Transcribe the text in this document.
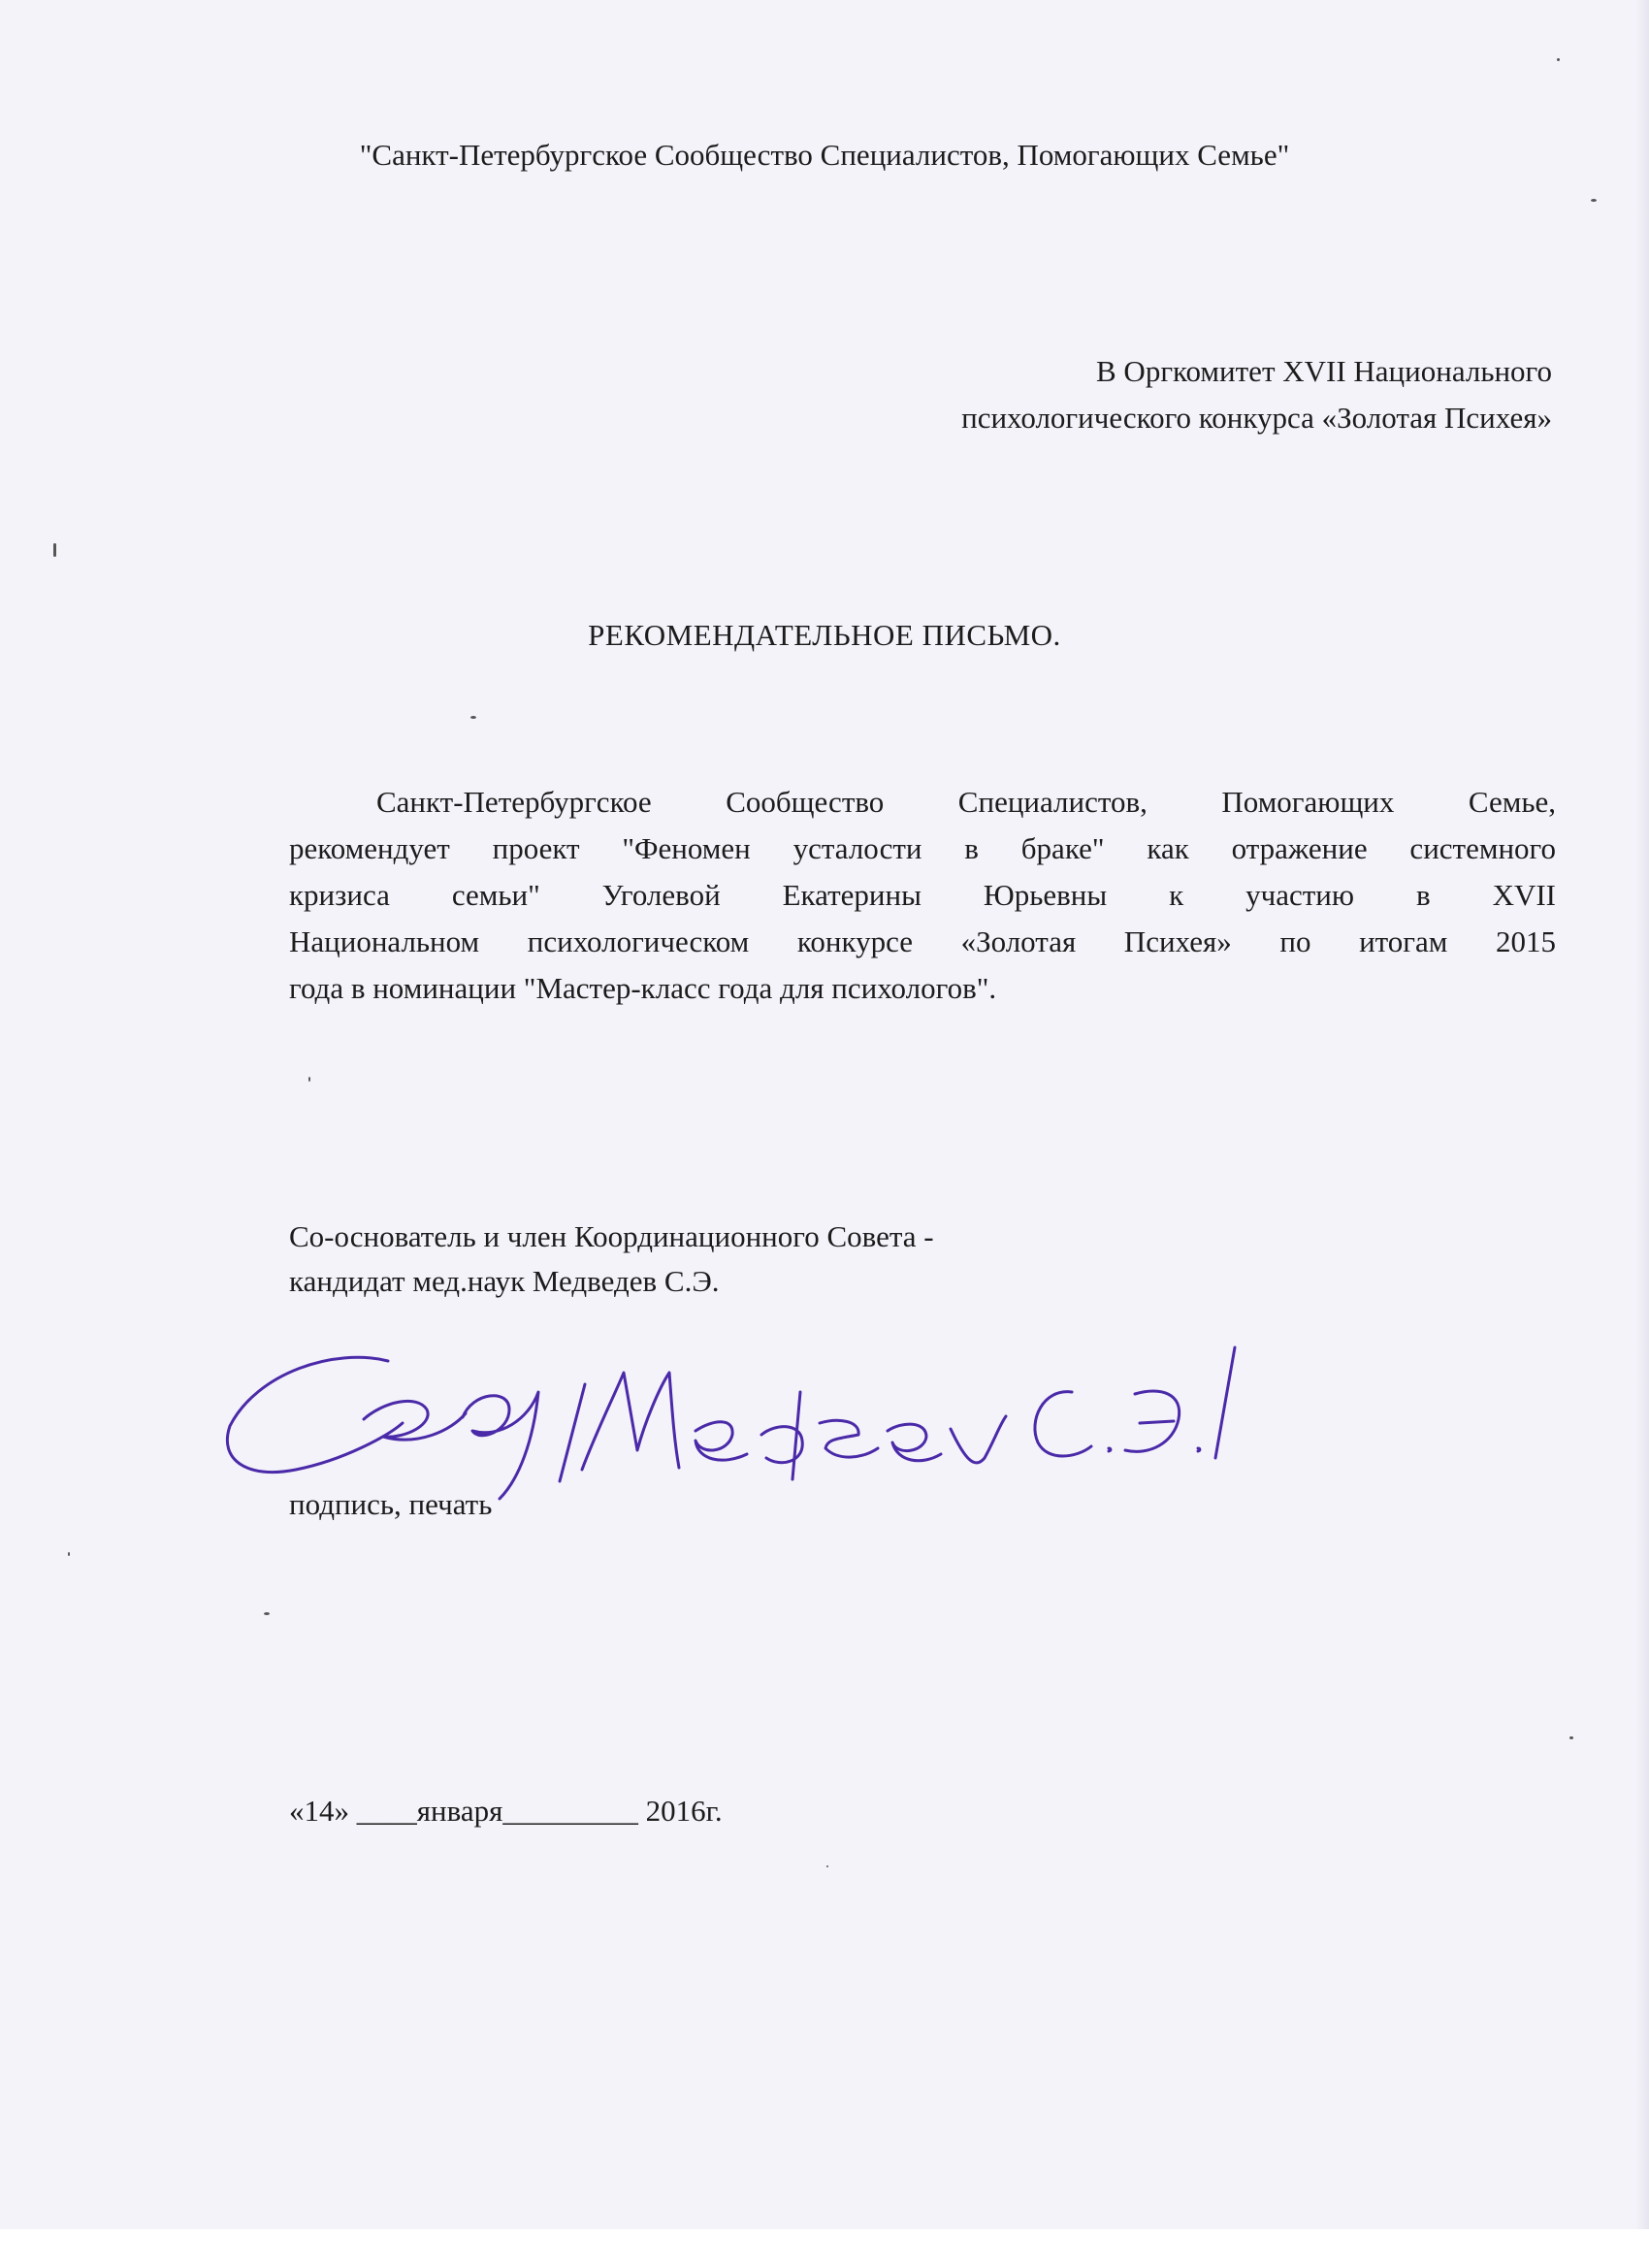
"Санкт-Петербургское Сообщество Специалистов, Помогающих Семье"
В Оргкомитет XVII Национального
психологического конкурса «Золотая Психея»
РЕКОМЕНДАТЕЛЬНОЕ ПИСЬМО.
Санкт-Петербургское Сообщество Специалистов, Помогающих Семье,
рекомендует проект "Феномен усталости в браке" как отражение системного
кризиса семьи" Уголевой Екатерины Юрьевны к участию в XVII
Национальном психологическом конкурсе «Золотая Психея» по итогам 2015
года в номинации "Мастер-класс года для психологов".
Со-основатель и член Координационного Совета -
кандидат мед.наук Медведев С.Э.
/Медведев С.Э./
подпись, печать
«14» ____января_________ 2016г.
